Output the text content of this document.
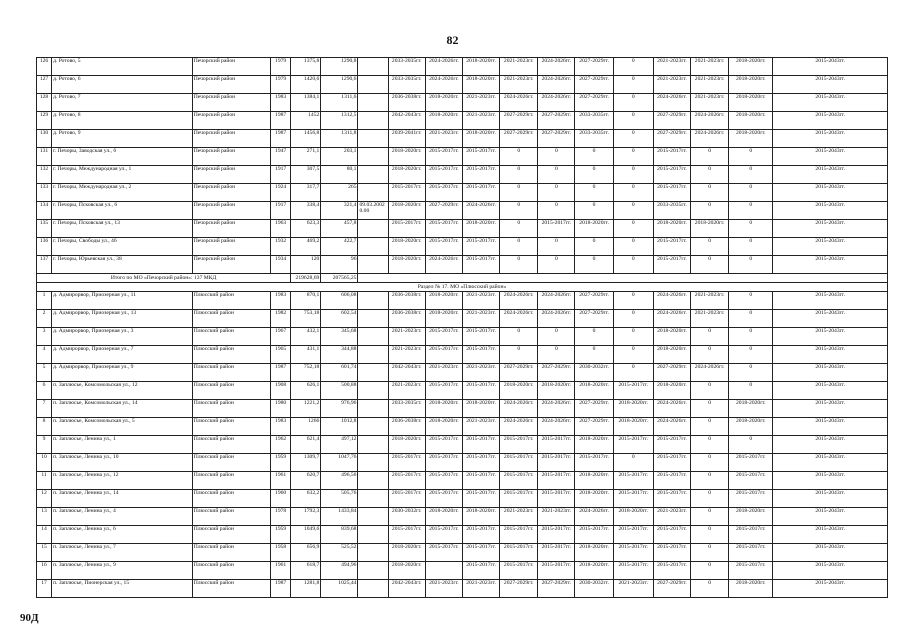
82
126	д. Ротово, 5	Печорский район	1979	1375,8	1290,8		2033-2035гг.	2024-2026гг.	2018-2020гг.	2021-2023гг.	2024-2026гг.	2027-2029гг.	0	2021-2023гг.	2021-2023гг.	2018-2020гг.	2015-2043гг.
127	д. Ротово, 6	Печорский район	1979	1420,6	1290,6		2033-2035гг.	2024-2026гг.	2018-2020гг.	2021-2023гг.	2024-2026гг.	2027-2029гг.	0	2021-2023гг.	2021-2023гг.	2018-2020гг.	2015-2043гг.
128	д. Ротово, 7	Печорский район	1983	1384,1	1311,6		2036-2038гг.	2018-2020гг.	2021-2023гг.	2024-2026гг.	2024-2026гг.	2027-2029гг.	0	2024-2026гг.	2021-2023гг.	2018-2020гг.	2015-2043гг.
129	д. Ротово, 8	Печорский район	1987	1452	1312,5		2042-2043гг.	2018-2020гг.	2021-2023гг.	2027-2029гг.	2027-2029гг.	2033-2035гг.	0	2027-2029гг.	2024-2026гг.	2018-2020гг.	2015-2043гг.
130	д. Ротово, 9	Печорский район	1987	1456,8	1311,8		2039-2041гг.	2021-2023гг.	2018-2020гг.	2027-2029гг.	2027-2029гг.	2033-2035гг.	0	2027-2029гг.	2024-2026гг.	2018-2020гг.	2015-2043гг.
131	г. Печоры, Заводская ул., 6	Печорский район	1947	271,1	203,1		2018-2020гг.	2015-2017гг.	2015-2017гг.	0	0	0	0	2015-2017гг.	0	0	2015-2043гг.
132	г. Печоры, Международная ул., 1	Печорский район	1917	307,5	80,1		2018-2020гг.	2015-2017гг.	2015-2017гг.	0	0	0	0	2015-2017гг.	0	0	2015-2043гг.
133	г. Печоры, Международная ул., 2	Печорский район	1924	317,7	265		2015-2017гг.	2015-2017гг.	2015-2017гг.	0	0	0	0	2015-2017гг.	0	0	2015-2043гг.
134	г. Печоры, Псковская ул., 6	Печорский район	1917	338,4	321,4	09.03.2002 0.00	2018-2020гг.	2027-2029гг.	2024-2026гг.	0	0	0	0	2033-2035гг.	0	0	2015-2043гг.
135	г. Печоры, Псковская ул., 13	Печорский район	1963	623,3	457,8		2015-2017гг.	2015-2017гг.	2018-2020гг.	0	2015-2017гг.	2018-2020гг.	0	2018-2020гг.	2018-2020гг.	0	2015-2043гг.
136	г. Печоры, Свободы ул., 46	Печорский район	1932	469,2	422,7		2018-2020гг.	2015-2017гг.	2015-2017гг.	0	0	0	0	2015-2017гг.	0	0	2015-2043гг.
137	г. Печоры, Юрьевская ул., 38	Печорский район	1934	120	96		2018-2020гг.	2024-2026гг.	2015-2017гг.	0	0	0	0	2015-2017гг.	0	0	2015-2043гг.
Итого по МО «Печорский район»: 137 МКД				219628,69	207565,25												
Раздел № 17. МО «Плюсский район»																	
1	д. Адмирорвор, Приозерная ул., 11	Плюсский район	1983	870,1	606,08		2036-2038гг.	2018-2020гг.	2021-2023гг.	2024-2026гг.	2024-2026гг.	2027-2029гг.	0	2024-2026гг.	2021-2023гг.	0	2015-2043гг.
2	д. Адмирорвор, Приозерная ул., 13	Плюсский район	1982	753,18	602,54		2036-2038гг.	2018-2020гг.	2021-2023гг.	2024-2026гг.	2024-2026гг.	2027-2029гг.	0	2024-2026гг.	2021-2023гг.	0	2015-2043гг.
3	д. Адмирорвор, Приозерная ул., 3	Плюсский район	1967	432,1	345,68		2021-2023гг.	2015-2017гг.	2015-2017гг.	0	0	0	0	2018-2020гг.	0	0	2015-2043гг.
4	д. Адмирорвор, Приозерная ул., 7	Плюсский район	1965	431,1	344,88		2021-2023гг.	2015-2017гг.	2015-2017гг.	0	0	0	0	2018-2020гг.	0	0	2015-2043гг.
5	д. Адмирорвор, Приозерная ул., 9	Плюсский район	1987	752,18	601,74		2042-2043гг.	2021-2023гг.	2021-2023гг.	2027-2029гг.	2027-2029гг.	2030-2032гг.	0	2027-2029гг.	2024-2026гг.	0	2015-2043гг.
6	п. Заплюсье, Комсомольская ул., 12	Плюсский район	1908	626,1	500,88		2021-2023гг.	2015-2017гг.	2015-2017гг.	2018-2020гг.	2018-2020гг.	2018-2020гг.	2015-2017гг.	2018-2020гг.	0	0	2015-2043гг.
7	п. Заплюсье, Комсомольская ул., 14	Плюсский район	1980	1221,2	976,96		2033-2035гг.	2018-2020гг.	2018-2020гг.	2024-2026гг.	2024-2026гг.	2027-2029гг.	2018-2020гг.	2024-2026гг.	0	2018-2020гг.	2015-2043гг.
8	п. Заплюсье, Комсомольская ул., 5	Плюсский район	1983	1266	1012,8		2036-2038гг.	2018-2020гг.	2021-2023гг.	2024-2026гг.	2024-2026гг.	2027-2029гг.	2018-2020гг.	2024-2026гг.	0	2018-2020гг.	2015-2043гг.
9	п. Заплюсье, Ленина ул., 1	Плюсский район	1962	621,4	497,12		2018-2020гг.	2015-2017гг.	2015-2017гг.	2015-2017гг.	2015-2017гг.	2018-2020гг.	2015-2017гг.	2015-2017гг.	0	0	2015-2043гг.
10	п. Заплюсье, Ленина ул., 10	Плюсский район	1959	1309,7	1047,76		2015-2017гг.	2015-2017гг.	2015-2017гг.	2015-2017гг.	2015-2017гг.	2015-2017гг.	0	2015-2017гг.	0	2015-2017гг.	2015-2043гг.
11	п. Заплюсье, Ленина ул., 12	Плюсский район	1961	620,7	496,56		2015-2017гг.	2015-2017гг.	2015-2017гг.	2015-2017гг.	2015-2017гг.	2018-2020гг.	2015-2017гг.	2015-2017гг.	0	2015-2017гг.	2015-2043гг.
12	п. Заплюсье, Ленина ул., 14	Плюсский район	1960	632,2	505,76		2015-2017гг.	2015-2017гг.	2015-2017гг.	2015-2017гг.	2015-2017гг.	2018-2020гг.	2015-2017гг.	2015-2017гг.	0	2015-2017гг.	2015-2043гг.
13	п. Заплюсье, Ленина ул., 4	Плюсский район	1978	1792,3	1433,84		2030-2032гг.	2018-2020гг.	2018-2020гг.	2021-2023гг.	2021-2023гг.	2024-2026гг.	2018-2020гг.	2021-2023гг.	0	2018-2020гг.	2015-2043гг.
14	п. Заплюсье, Ленина ул., 6	Плюсский район	1959	1049,6	839,68		2015-2017гг.	2015-2017гг.	2015-2017гг.	2015-2017гг.	2015-2017гг.	2015-2017гг.	2015-2017гг.	2015-2017гг.	0	2015-2017гг.	2015-2043гг.
15	п. Заплюсье, Ленина ул., 7	Плюсский район	1958	656,9	525,52		2018-2020гг.	2015-2017гг.	2015-2017гг.	2015-2017гг.	2015-2017гг.	2018-2020гг.	2015-2017гг.	2015-2017гг.	0	2015-2017гг.	2015-2043гг.
16	п. Заплюсье, Ленина ул., 9	Плюсский район	1961	618,7	494,96		2018-2020гг.		2015-2017гг.	2015-2017гг.	2015-2017гг.	2018-2020гг.	2015-2017гг.	2015-2017гг.	0	2015-2017гг.	2015-2043гг.
17	п. Заплюсье, Пионерская ул., 15	Плюсский район	1987	1281,8	1025,44		2042-2043гг.	2021-2023гг.	2021-2023гг.	2027-2029гг.	2027-2029гг.	2030-2032гг.	2021-2023гг.	2027-2029гг.	0	2018-2020гг.	2015-2043гг.
90Д
